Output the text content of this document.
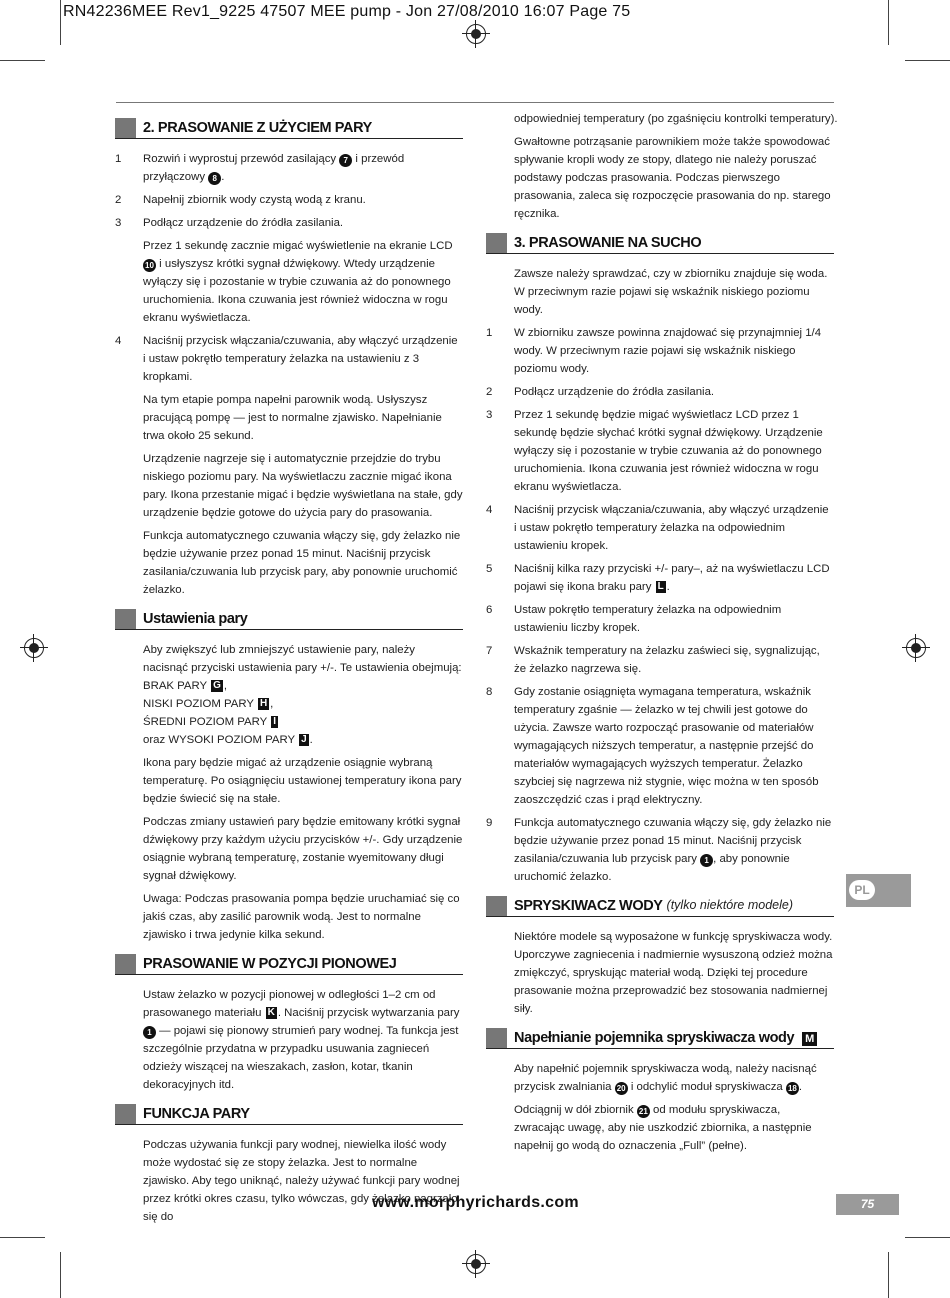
RN42236MEE Rev1_9225 47507 MEE pump - Jon 27/08/2010 16:07 Page 75
2. PRASOWANIE Z UŻYCIEM PARY
1	Rozwiń i wyprostuj przewód zasilający 7 i przewód przyłączowy 8 .
2	Napełnij zbiornik wody czystą wodą z kranu.
3	Podłącz urządzenie do źródła zasilania.
Przez 1 sekundę zacznie migać wyświetlenie na ekranie LCD 10 i usłyszysz krótki sygnał dźwiękowy. Wtedy urządzenie wyłączy się i pozostanie w trybie czuwania aż do ponownego uruchomienia. Ikona czuwania jest również widoczna w rogu ekranu wyświetlacza.
4	Naciśnij przycisk włączania/czuwania, aby włączyć urządzenie i ustaw pokrętło temperatury żelazka na ustawieniu z 3 kropkami.
Na tym etapie pompa napełni parownik wodą. Usłyszysz pracującą pompę — jest to normalne zjawisko. Napełnianie trwa około 25 sekund.
Urządzenie nagrzeje się i automatycznie przejdzie do trybu niskiego poziomu pary. Na wyświetlaczu zacznie migać ikona pary. Ikona przestanie migać i będzie wyświetlana na stałe, gdy urządzenie będzie gotowe do użycia pary do prasowania.
Funkcja automatycznego czuwania włączy się, gdy żelazko nie będzie używanie przez ponad 15 minut. Naciśnij przycisk zasilania/czuwania lub przycisk pary, aby ponownie uruchomić żelazko.
Ustawienia pary
Aby zwiększyć lub zmniejszyć ustawienie pary, należy nacisnąć przyciski ustawienia pary +/-. Te ustawienia obejmują:
BRAK PARY G ,
NISKI POZIOM PARY H ,
ŚREDNI POZIOM PARY I
oraz WYSOKI POZIOM PARY J .
Ikona pary będzie migać aż urządzenie osiągnie wybraną temperaturę. Po osiągnięciu ustawionej temperatury ikona pary będzie świecić się na stałe.
Podczas zmiany ustawień pary będzie emitowany krótki sygnał dźwiękowy przy każdym użyciu przycisków +/-. Gdy urządzenie osiągnie wybraną temperaturę, zostanie wyemitowany długi sygnał dźwiękowy.
Uwaga: Podczas prasowania pompa będzie uruchamiać się co jakiś czas, aby zasilić parownik wodą. Jest to normalne zjawisko i trwa jedynie kilka sekund.
PRASOWANIE W POZYCJI PIONOWEJ
Ustaw żelazko w pozycji pionowej w odległości 1–2 cm od prasowanego materiału K . Naciśnij przycisk wytwarzania pary 1 — pojawi się pionowy strumień pary wodnej. Ta funkcja jest szczególnie przydatna w przypadku usuwania zagnieceń odzieży wiszącej na wieszakach, zasłon, kotar, tkanin dekoracyjnych itd.
FUNKCJA PARY
Podczas używania funkcji pary wodnej, niewielka ilość wody może wydostać się ze stopy żelazka. Jest to normalne zjawisko. Aby tego uniknąć, należy używać funkcji pary wodnej przez krótki okres czasu, tylko wówczas, gdy żelazko nagrzało się do
odpowiedniej temperatury (po zgaśnięciu kontrolki temperatury).
Gwałtowne potrząsanie parownikiem może także spowodować spływanie kropli wody ze stopy, dlatego nie należy poruszać podstawy podczas prasowania. Podczas pierwszego prasowania, zaleca się rozpoczęcie prasowania do np. starego ręcznika.
3. PRASOWANIE NA SUCHO
Zawsze należy sprawdzać, czy w zbiorniku znajduje się woda. W przeciwnym razie pojawi się wskaźnik niskiego poziomu wody.
1	W zbiorniku zawsze powinna znajdować się przynajmniej 1/4 wody. W przeciwnym razie pojawi się wskaźnik niskiego poziomu wody.
2	Podłącz urządzenie do źródła zasilania.
3	Przez 1 sekundę będzie migać wyświetlacz LCD przez 1 sekundę będzie słychać krótki sygnał dźwiękowy. Urządzenie wyłączy się i pozostanie w trybie czuwania aż do ponownego uruchomienia. Ikona czuwania jest również widoczna w rogu ekranu wyświetlacza.
4	Naciśnij przycisk włączania/czuwania, aby włączyć urządzenie i ustaw pokrętło temperatury żelazka na odpowiednim ustawieniu kropek.
5	Naciśnij kilka razy przyciski +/- pary–, aż na wyświetlaczu LCD pojawi się ikona braku pary L .
6	Ustaw pokrętło temperatury żelazka na odpowiednim ustawieniu liczby kropek.
7	Wskaźnik temperatury na żelazku zaświeci się, sygnalizując, że żelazko nagrzewa się.
8	Gdy zostanie osiągnięta wymagana temperatura, wskaźnik temperatury zgaśnie — żelazko w tej chwili jest gotowe do użycia. Zawsze warto rozpocząć prasowanie od materiałów wymagających niższych temperatur, a następnie przejść do materiałów wymagających wyższych temperatur. Żelazko szybciej się nagrzewa niż stygnie, więc można w ten sposób zaoszczędzić czas i prąd elektryczny.
9	Funkcja automatycznego czuwania włączy się, gdy żelazko nie będzie używanie przez ponad 15 minut. Naciśnij przycisk zasilania/czuwania lub przycisk pary 1 , aby ponownie uruchomić żelazko.
SPRYSKIWACZ WODY (tylko niektóre modele)
Niektóre modele są wyposażone w funkcję spryskiwacza wody. Uporczywe zagniecenia i nadmiernie wysuszoną odzież można zmiękczyć, spryskując materiał wodą. Dzięki tej procedure prasowanie można przeprowadzić bez stosowania nadmiernej siły.
Napełnianie pojemnika spryskiwacza wody M
Aby napełnić pojemnik spryskiwacza wodą, należy nacisnąć przycisk zwalniania 20 i odchylić moduł spryskiwacza 18 .
Odciągnij w dół zbiornik 21 od modułu spryskiwacza, zwracając uwagę, aby nie uszkodzić zbiornika, a następnie napełnij go wodą do oznaczenia „Full” (pełne).
PL
www.morphyrichards.com	75
